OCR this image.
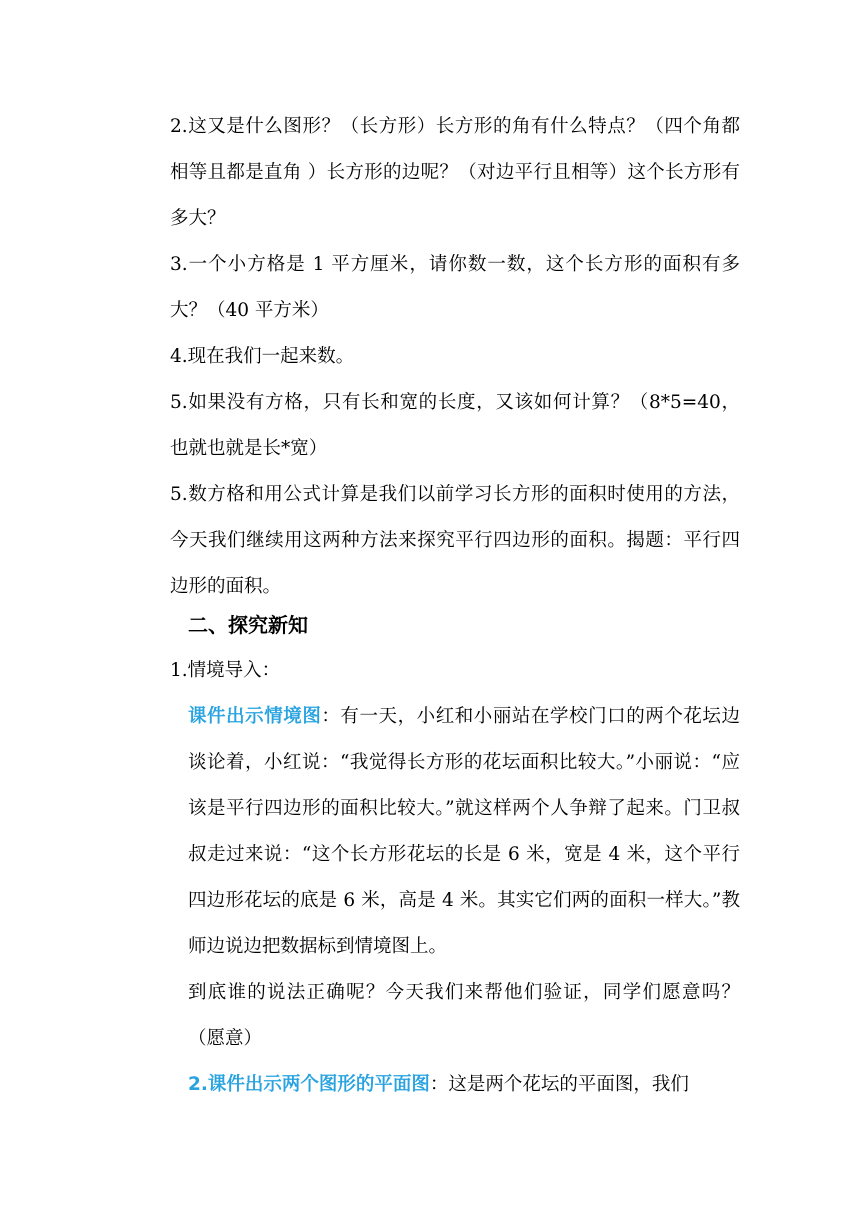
2.这又是什么图形？（长方形）长方形的角有什么特点？（四个角都相等且都是直角 ）长方形的边呢？（对边平行且相等）这个长方形有多大？

3.一个小方格是 1 平方厘米，请你数一数，这个长方形的面积有多大？（40 平方米）

4.现在我们一起来数。

5.如果没有方格，只有长和宽的长度，又该如何计算？（8*5=40，也就也就是长*宽）

5.数方格和用公式计算是我们以前学习长方形的面积时使用的方法，今天我们继续用这两种方法来探究平行四边形的面积。揭题：平行四边形的面积。

二、探究新知

1.情境导入：

课件出示情境图：有一天，小红和小丽站在学校门口的两个花坛边谈论着，小红说：“我觉得长方形的花坛面积比较大。”小丽说：“应该是平行四边形的面积比较大。”就这样两个人争辩了起来。门卫叔叔走过来说：“这个长方形花坛的长是 6 米，宽是 4 米，这个平行四边形花坛的底是 6 米，高是 4 米。其实它们两的面积一样大。”教师边说边把数据标到情境图上。

到底谁的说法正确呢？今天我们来帮他们验证，同学们愿意吗？（愿意）

2.课件出示两个图形的平面图：这是两个花坛的平面图，我们
